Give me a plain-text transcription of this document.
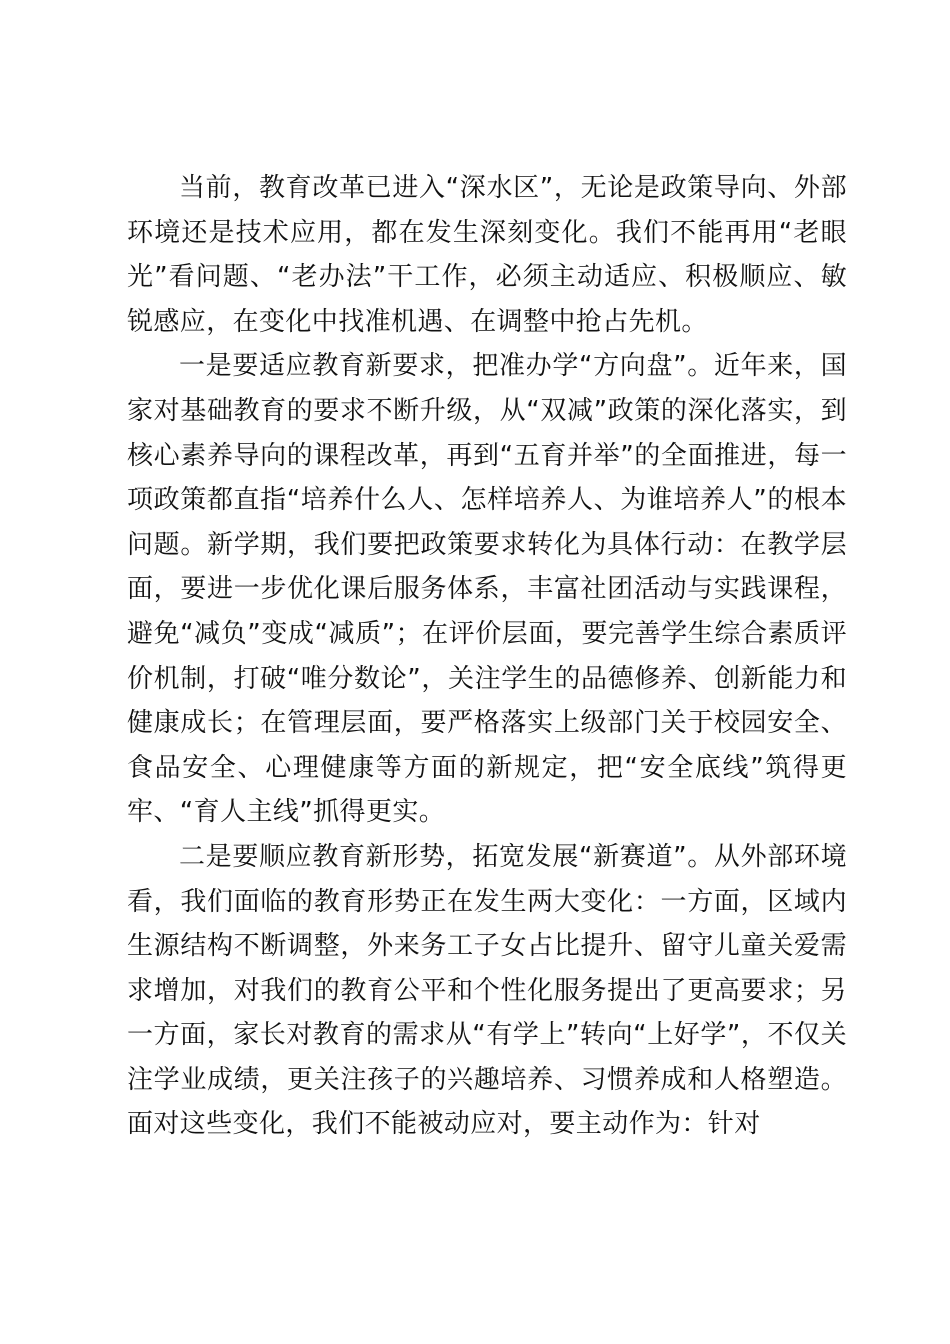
当前，教育改革已进入“深水区”，无论是政策导向、外部环境还是技术应用，都在发生深刻变化。我们不能再用“老眼光”看问题、“老办法”干工作，必须主动适应、积极顺应、敏锐感应，在变化中找准机遇、在调整中抢占先机。

一是要适应教育新要求，把准办学“方向盘”。近年来，国家对基础教育的要求不断升级，从“双减”政策的深化落实，到核心素养导向的课程改革，再到“五育并举”的全面推进，每一项政策都直指“培养什么人、怎样培养人、为谁培养人”的根本问题。新学期，我们要把政策要求转化为具体行动：在教学层面，要进一步优化课后服务体系，丰富社团活动与实践课程，避免“减负”变成“减质”；在评价层面，要完善学生综合素质评价机制，打破“唯分数论”，关注学生的品德修养、创新能力和健康成长；在管理层面，要严格落实上级部门关于校园安全、食品安全、心理健康等方面的新规定，把“安全底线”筑得更牢、“育人主线”抓得更实。

二是要顺应教育新形势，拓宽发展“新赛道”。从外部环境看，我们面临的教育形势正在发生两大变化：一方面，区域内生源结构不断调整，外来务工子女占比提升、留守儿童关爱需求增加，对我们的教育公平和个性化服务提出了更高要求；另一方面，家长对教育的需求从“有学上”转向“上好学”，不仅关注学业成绩，更关注孩子的兴趣培养、习惯养成和人格塑造。面对这些变化，我们不能被动应对，要主动作为：针对
